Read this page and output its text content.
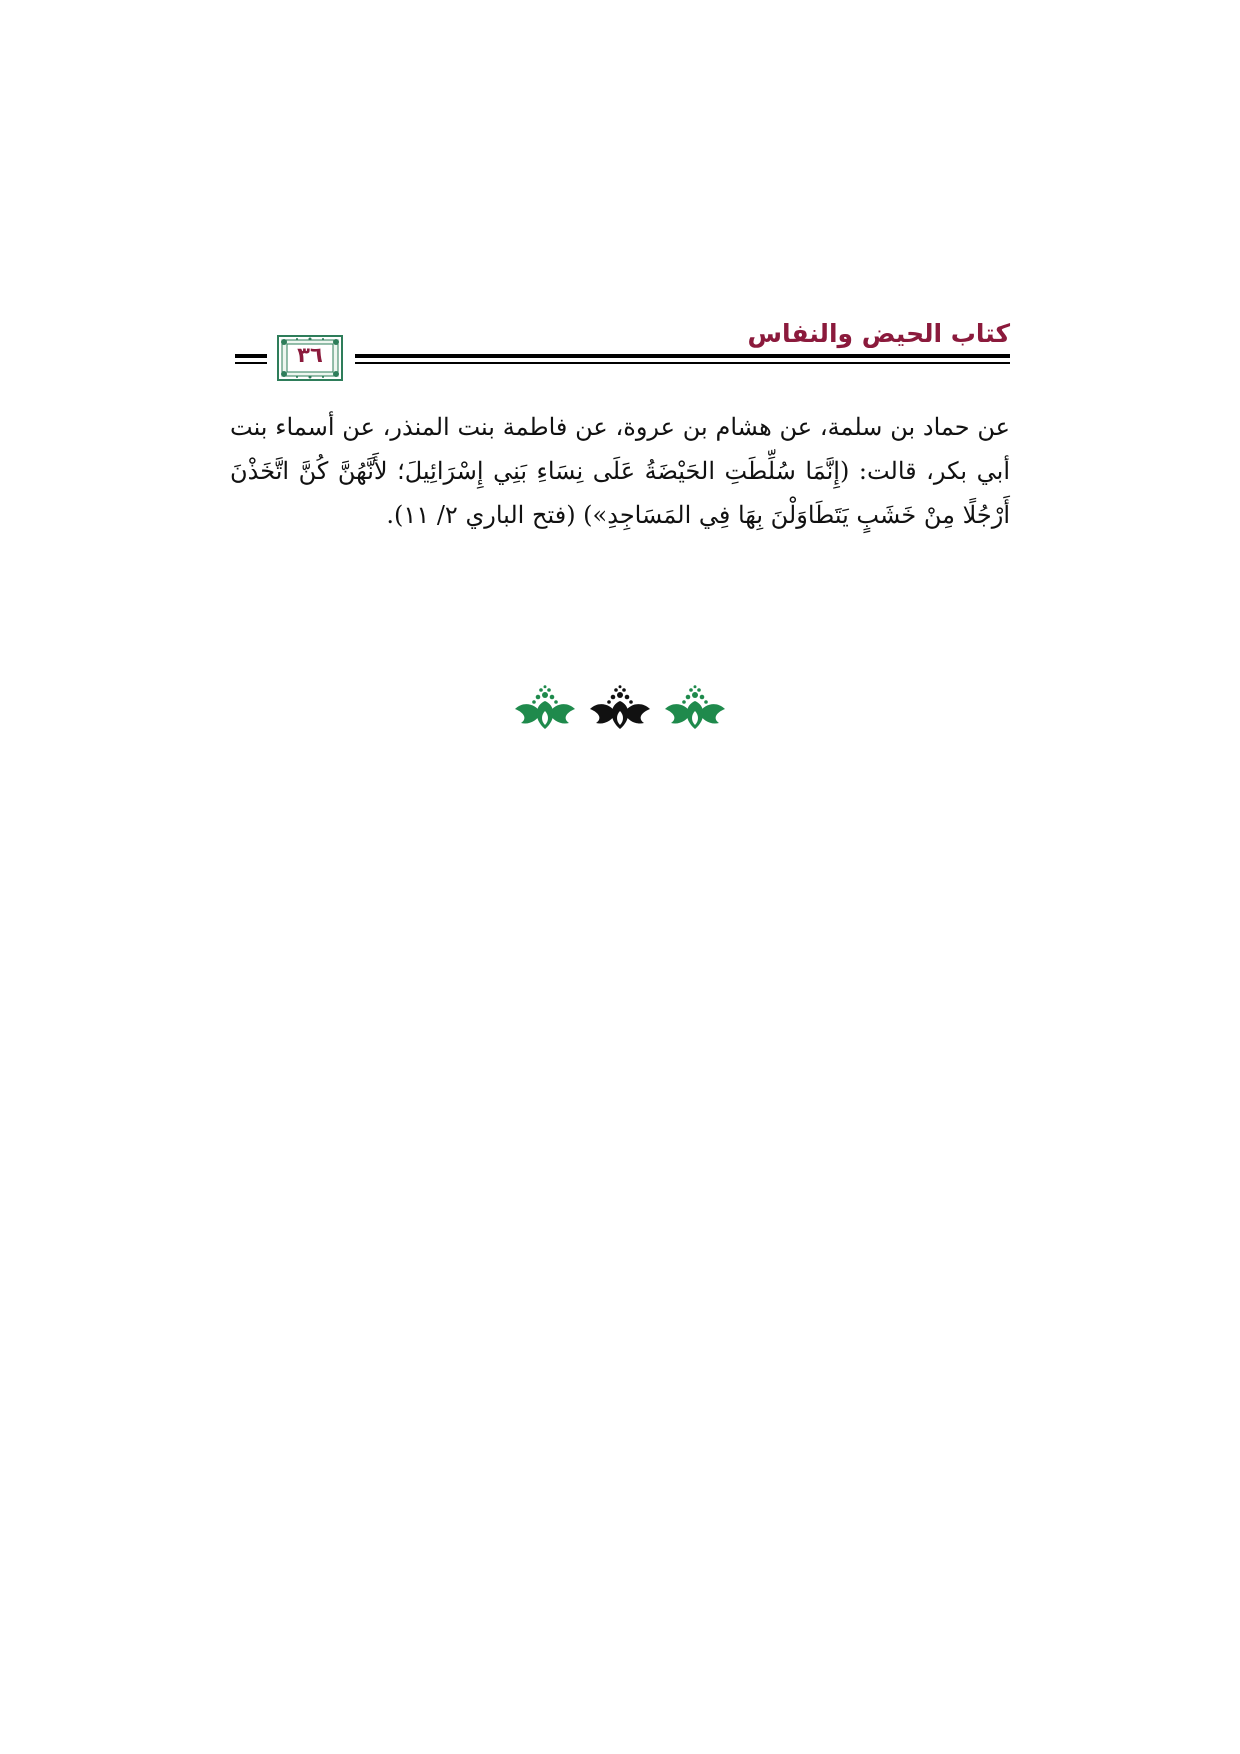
كتاب الحيض والنفاس
٣٦
عن حماد بن سلمة، عن هشام بن عروة، عن فاطمة بنت المنذر، عن أسماء بنت أبي بكر، قالت: (إِنَّمَا سُلِّطَتِ الحَيْضَةُ عَلَى نِسَاءِ بَنِي إِسْرَائِيلَ؛ لأَنَّهُنَّ كُنَّ اتَّخَذْنَ أَرْجُلًا مِنْ خَشَبٍ يَتَطَاوَلْنَ بِهَا فِي المَسَاجِدِ») (فتح الباري ٢/ ١١).
